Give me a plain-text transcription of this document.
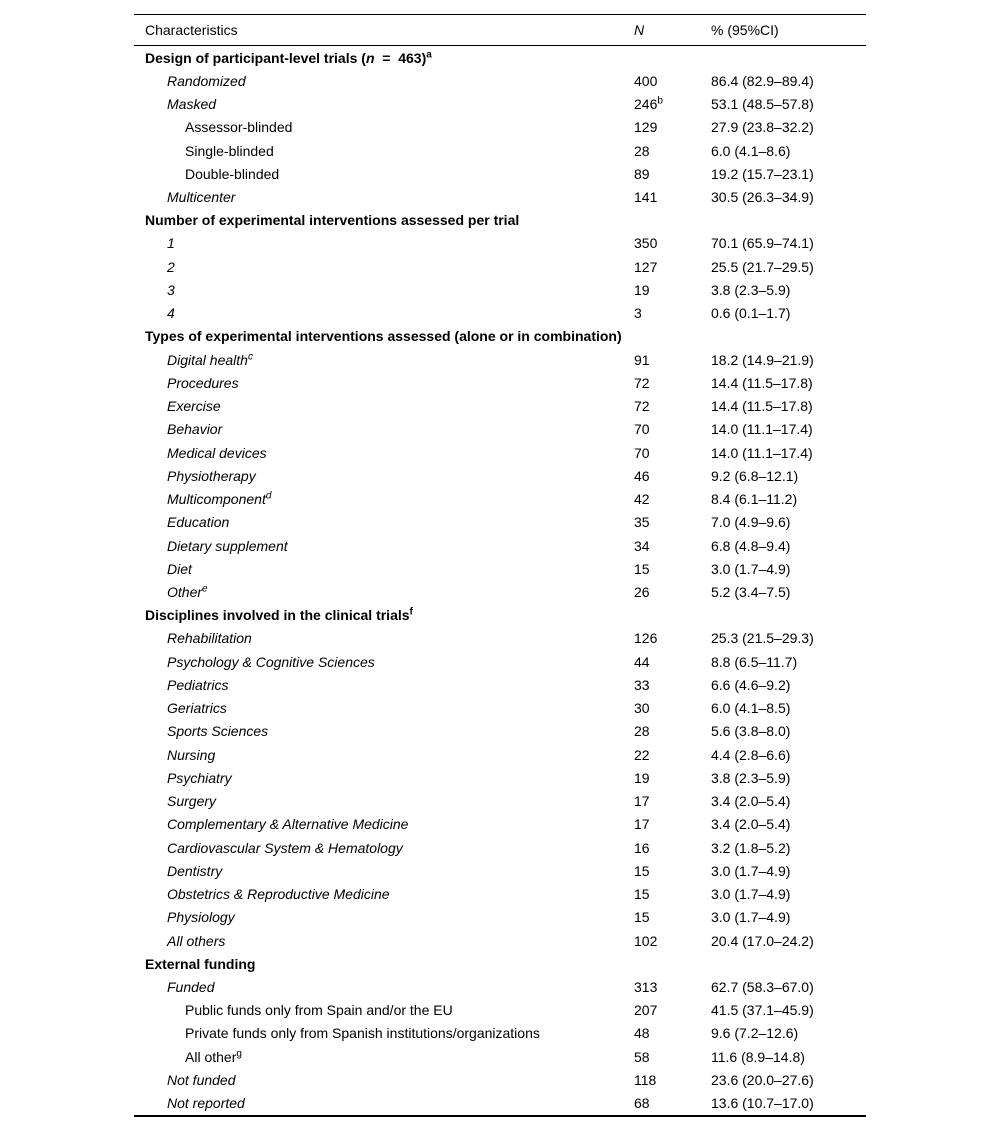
Characteristics	N	% (95%CI)
Design of participant-level trials (n  =  463)$^a$
Randomized	400	86.4 (82.9–89.4)
Masked	246$^b$	53.1 (48.5–57.8)
Assessor-blinded	129	27.9 (23.8–32.2)
Single-blinded	28	6.0 (4.1–8.6)
Double-blinded	89	19.2 (15.7–23.1)
Multicenter	141	30.5 (26.3–34.9)
Number of experimental interventions assessed per trial
1	350	70.1 (65.9–74.1)
2	127	25.5 (21.7–29.5)
3	19	3.8 (2.3–5.9)
4	3	0.6 (0.1–1.7)
Types of experimental interventions assessed (alone or in combination)
Digital health$^c$	91	18.2 (14.9–21.9)
Procedures	72	14.4 (11.5–17.8)
Exercise	72	14.4 (11.5–17.8)
Behavior	70	14.0 (11.1–17.4)
Medical devices	70	14.0 (11.1–17.4)
Physiotherapy	46	9.2 (6.8–12.1)
Multicomponent$^d$	42	8.4 (6.1–11.2)
Education	35	7.0 (4.9–9.6)
Dietary supplement	34	6.8 (4.8–9.4)
Diet	15	3.0 (1.7–4.9)
Other$^e$	26	5.2 (3.4–7.5)
Disciplines involved in the clinical trials$^f$
Rehabilitation	126	25.3 (21.5–29.3)
Psychology & Cognitive Sciences	44	8.8 (6.5–11.7)
Pediatrics	33	6.6 (4.6–9.2)
Geriatrics	30	6.0 (4.1–8.5)
Sports Sciences	28	5.6 (3.8–8.0)
Nursing	22	4.4 (2.8–6.6)
Psychiatry	19	3.8 (2.3–5.9)
Surgery	17	3.4 (2.0–5.4)
Complementary & Alternative Medicine	17	3.4 (2.0–5.4)
Cardiovascular System & Hematology	16	3.2 (1.8–5.2)
Dentistry	15	3.0 (1.7–4.9)
Obstetrics & Reproductive Medicine	15	3.0 (1.7–4.9)
Physiology	15	3.0 (1.7–4.9)
All others	102	20.4 (17.0–24.2)
External funding
Funded	313	62.7 (58.3–67.0)
Public funds only from Spain and/or the EU	207	41.5 (37.1–45.9)
Private funds only from Spanish institutions/organizations	48	9.6 (7.2–12.6)
All other$^g$	58	11.6 (8.9–14.8)
Not funded	118	23.6 (20.0–27.6)
Not reported	68	13.6 (10.7–17.0)
